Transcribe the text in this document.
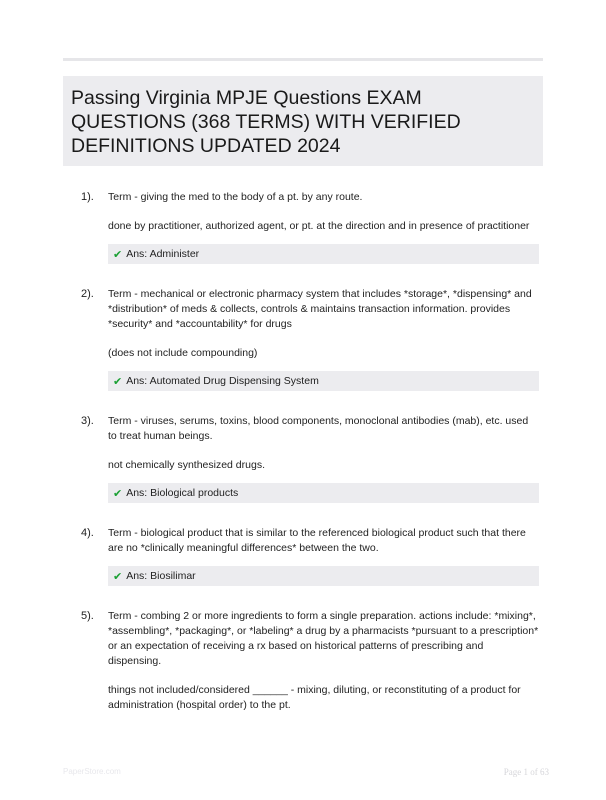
Passing Virginia MPJE Questions EXAM QUESTIONS (368 TERMS) WITH VERIFIED DEFINITIONS UPDATED 2024
1). Term - giving the med to the body of a pt. by any route.

done by practitioner, authorized agent, or pt. at the direction and in presence of practitioner

✔ Ans: Administer
2). Term - mechanical or electronic pharmacy system that includes *storage*, *dispensing* and *distribution* of meds & collects, controls & maintains transaction information. provides *security* and *accountability* for drugs

(does not include compounding)

✔ Ans: Automated Drug Dispensing System
3). Term - viruses, serums, toxins, blood components, monoclonal antibodies (mab), etc. used to treat human beings.

not chemically synthesized drugs.

✔ Ans: Biological products
4). Term - biological product that is similar to the referenced biological product such that there are no *clinically meaningful differences* between the two.

✔ Ans: Biosilimar
5). Term - combing 2 or more ingredients to form a single preparation. actions include: *mixing*, *assembling*, *packaging*, or *labeling* a drug by a pharmacists *pursuant to a prescription* or an expectation of receiving a rx based on historical patterns of prescribing and dispensing.

things not included/considered ______ - mixing, diluting, or reconstituting of a product for administration (hospital order) to the pt.

PaperStore.com	Page 1 of 63
